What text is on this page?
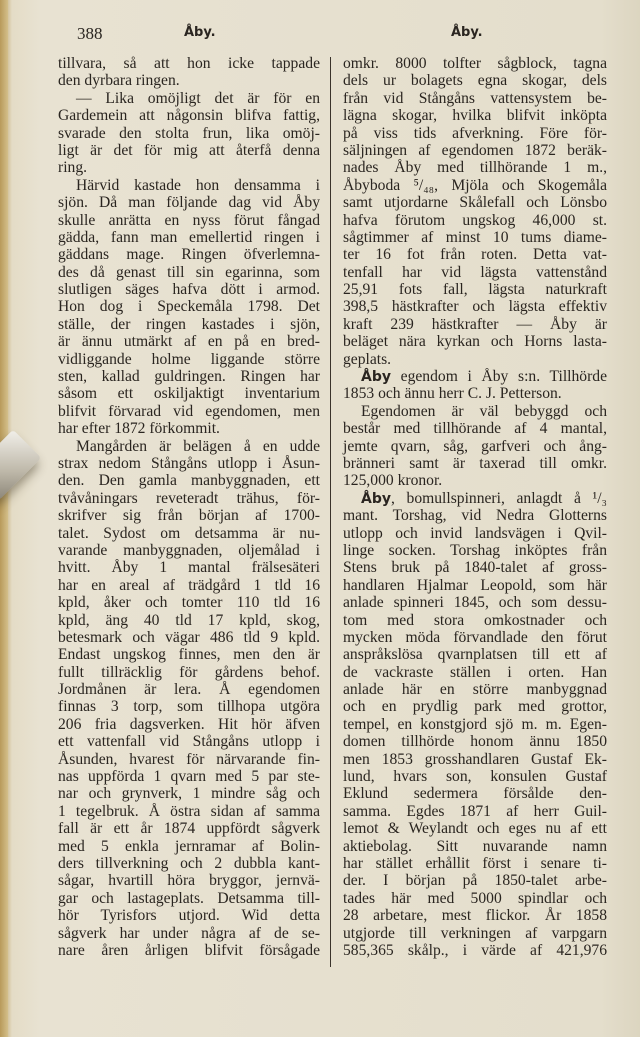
388	Åby.	Åby.
tillvara, så att hon icke tappade
den dyrbara ringen.
— Lika omöjligt det är för en
Gardemein att någonsin blifva fattig,
svarade den stolta frun, lika omöj-
ligt är det för mig att återfå denna
ring.
Härvid kastade hon densamma i
sjön. Då man följande dag vid Åby
skulle anrätta en nyss förut fångad
gädda, fann man emellertid ringen i
gäddans mage. Ringen öfverlemna-
des då genast till sin egarinna, som
slutligen säges hafva dött i armod.
Hon dog i Speckemåla 1798. Det
ställe, der ringen kastades i sjön,
är ännu utmärkt af en på en bred-
vidliggande holme liggande större
sten, kallad guldringen. Ringen har
såsom ett oskiljaktigt inventarium
blifvit förvarad vid egendomen, men
har efter 1872 förkommit.
Mangården är belägen å en udde
strax nedom Stångåns utlopp i Åsun-
den. Den gamla manbyggnaden, ett
tvåvåningars reveteradt trähus, för-
skrifver sig från början af 1700-
talet. Sydost om detsamma är nu-
varande manbyggnaden, oljemålad i
hvitt. Åby 1 mantal frälsesäteri
har en areal af trädgård 1 tld 16
kpld, åker och tomter 110 tld 16
kpld, äng 40 tld 17 kpld, skog,
betesmark och vägar 486 tld 9 kpld.
Endast ungskog finnes, men den är
fullt tillräcklig för gårdens behof.
Jordmånen är lera. Å egendomen
finnas 3 torp, som tillhopa utgöra
206 fria dagsverken. Hit hör äfven
ett vattenfall vid Stångåns utlopp i
Åsunden, hvarest för närvarande fin-
nas uppförda 1 qvarn med 5 par ste-
nar och grynverk, 1 mindre såg och
1 tegelbruk. Å östra sidan af samma
fall är ett år 1874 uppfördt sågverk
med 5 enkla jernramar af Bolin-
ders tillverkning och 2 dubbla kant-
sågar, hvartill höra bryggor, jernvä-
gar och lastageplats. Detsamma till-
hör Tyrisfors utjord. Wid detta
sågverk har under några af de se-
nare åren årligen blifvit försågade
omkr. 8000 tolfter sågblock, tagna
dels ur bolagets egna skogar, dels
från vid Stångåns vattensystem be-
lägna skogar, hvilka blifvit inköpta
på viss tids afverkning. Före för-
säljningen af egendomen 1872 beräk-
nades Åby med tillhörande 1 m.,
Åbyboda ⁵/₄₈, Mjöla och Skogemåla
samt utjordarne Skålefall och Lönsbo
hafva förutom ungskog 46,000 st.
sågtimmer af minst 10 tums diame-
ter 16 fot från roten. Detta vat-
tenfall har vid lägsta vattenstånd
25,91 fots fall, lägsta naturkraft
398,5 hästkrafter och lägsta effektiv
kraft 239 hästkrafter — Åby är
beläget nära kyrkan och Horns lasta-
geplats.
Åby egendom i Åby s:n. Tillhörde
1853 och ännu herr C. J. Petterson.
Egendomen är väl bebyggd och
består med tillhörande af 4 mantal,
jemte qvarn, såg, garfveri och ång-
bränneri samt är taxerad till omkr.
125,000 kronor.
Åby, bomullspinneri, anlagdt å ¹/₃
mant. Torshag, vid Nedra Glotterns
utlopp och invid landsvägen i Qvil-
linge socken. Torshag inköptes från
Stens bruk på 1840-talet af gross-
handlaren Hjalmar Leopold, som här
anlade spinneri 1845, och som dessu-
tom med stora omkostnader och
mycken möda förvandlade den förut
anspråkslösa qvarnplatsen till ett af
de vackraste ställen i orten. Han
anlade här en större manbyggnad
och en prydlig park med grottor,
tempel, en konstgjord sjö m. m. Egen-
domen tillhörde honom ännu 1850
men 1853 grosshandlaren Gustaf Ek-
lund, hvars son, konsulen Gustaf
Eklund sedermera försålde den-
samma. Egdes 1871 af herr Guil-
lemot & Weylandt och eges nu af ett
aktiebolag. Sitt nuvarande namn
har stället erhållit först i senare ti-
der. I början på 1850-talet arbe-
tades här med 5000 spindlar och
28 arbetare, mest flickor. År 1858
utgjorde till verkningen af varpgarn
585,365 skålp., i värde af 421,976
